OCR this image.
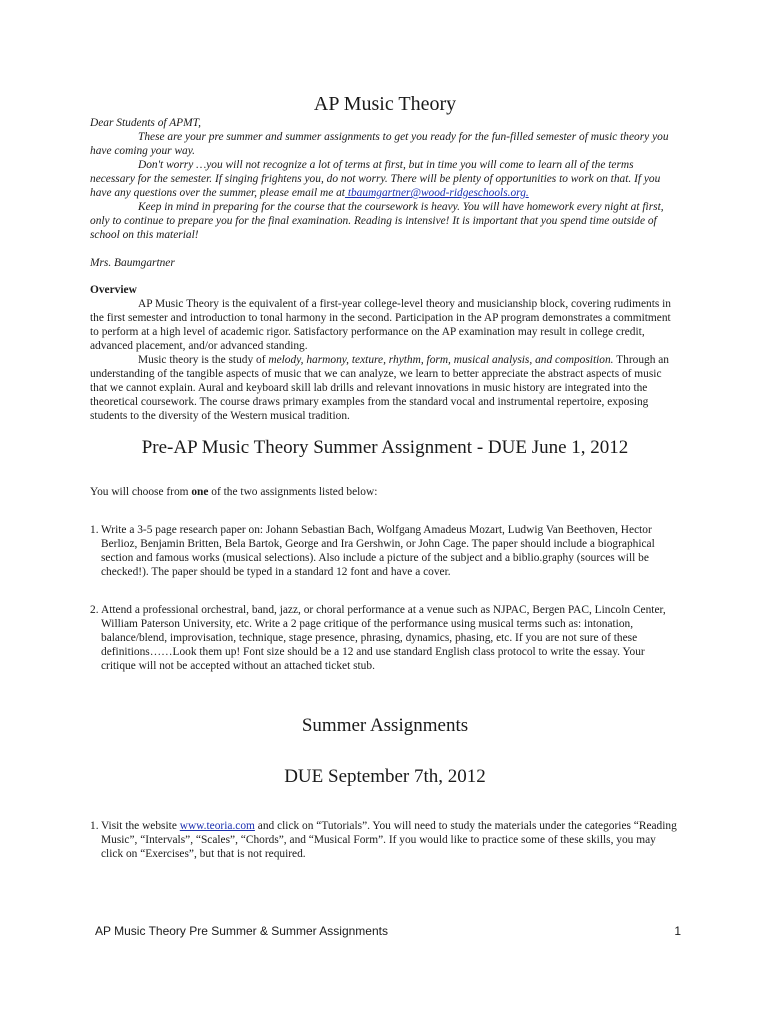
AP Music Theory

Dear Students of APMT,

These are your pre summer and summer assignments to get you ready for the fun-filled semester of music theory you have coming your way.

Don't worry …you will not recognize a lot of terms at first, but in time you will come to learn all of the terms necessary for the semester. If singing frightens you, do not worry. There will be plenty of opportunities to work on that. If you have any questions over the summer, please email me at tbaumgartner@wood-ridgeschools.org.

Keep in mind in preparing for the course that the coursework is heavy. You will have homework every night at first, only to continue to prepare you for the final examination. Reading is intensive! It is important that you spend time outside of school on this material!

Mrs. Baumgartner

Overview

AP Music Theory is the equivalent of a first-year college-level theory and musicianship block, covering rudiments in the first semester and introduction to tonal harmony in the second. Participation in the AP program demonstrates a commitment to perform at a high level of academic rigor. Satisfactory performance on the AP examination may result in college credit, advanced placement, and/or advanced standing.

Music theory is the study of melody, harmony, texture, rhythm, form, musical analysis, and composition. Through an understanding of the tangible aspects of music that we can analyze, we learn to better appreciate the abstract aspects of music that we cannot explain. Aural and keyboard skill lab drills and relevant innovations in music history are integrated into the theoretical coursework. The course draws primary examples from the standard vocal and instrumental repertoire, exposing students to the diversity of the Western musical tradition.

Pre-AP Music Theory Summer Assignment - DUE June 1, 2012
You will choose from one of the two assignments listed below:
1. Write a 3-5 page research paper on: Johann Sebastian Bach, Wolfgang Amadeus Mozart, Ludwig Van Beethoven, Hector Berlioz, Benjamin Britten, Bela Bartok, George and Ira Gershwin, or John Cage. The paper should include a biographical section and famous works (musical selections). Also include a picture of the subject and a biblio.graphy (sources will be checked!). The paper should be typed in a standard 12 font and have a cover.

2. Attend a professional orchestral, band, jazz, or choral performance at a venue such as NJPAC, Bergen PAC, Lincoln Center, William Paterson University, etc. Write a 2 page critique of the performance using musical terms such as: intonation, balance/blend, improvisation, technique, stage presence, phrasing, dynamics, phasing, etc. If you are not sure of these definitions……Look them up! Font size should be a 12 and use standard English class protocol to write the essay. Your critique will not be accepted without an attached ticket stub.

Summer Assignments
DUE September 7th, 2012
1. Visit the website www.teoria.com and click on “Tutorials”. You will need to study the materials under the categories “Reading Music”, “Intervals”, “Scales”, “Chords”, and “Musical Form”. If you would like to practice some of these skills, you may click on “Exercises”, but that is not required.

AP Music Theory Pre Summer & Summer Assignments	1
